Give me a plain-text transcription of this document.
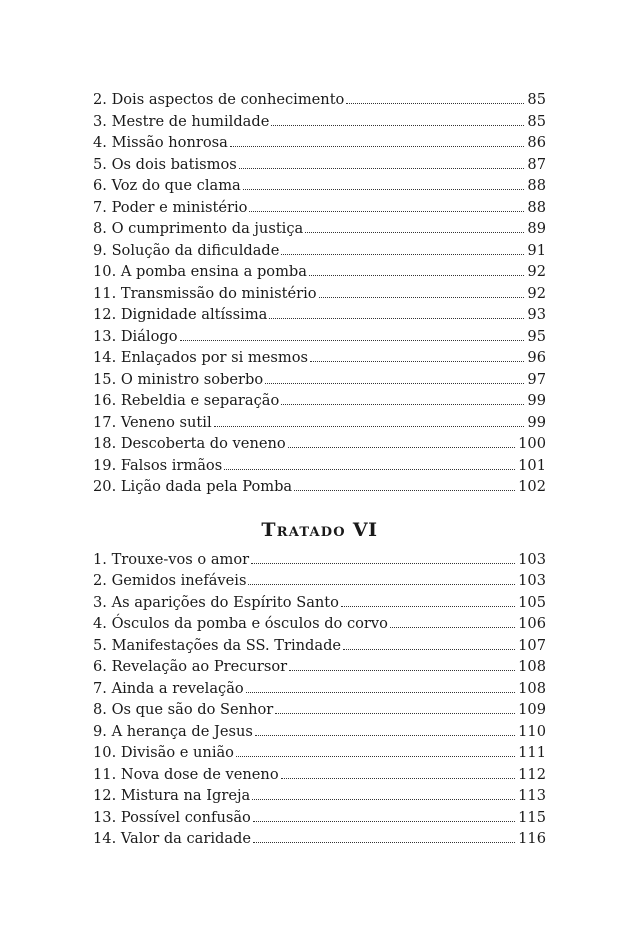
2. Dois aspectos de conhecimento	85
3. Mestre de humildade	85
4. Missão honrosa	86
5. Os dois batismos	87
6. Voz do que clama	88
7. Poder e ministério	88
8. O cumprimento da justiça	89
9. Solução da dificuldade	91
10. A pomba ensina a pomba	92
11. Transmissão do ministério	92
12. Dignidade altíssima	93
13. Diálogo	95
14. Enlaçados por si mesmos	96
15. O ministro soberbo	97
16. Rebeldia e separação	99
17. Veneno sutil	99
18. Descoberta do veneno	100
19. Falsos irmãos	101
20. Lição dada pela Pomba	102
Tratado VI
1. Trouxe-vos o amor	103
2. Gemidos inefáveis	103
3. As aparições do Espírito Santo	105
4. Ósculos da pomba e ósculos do corvo	106
5. Manifestações da SS. Trindade	107
6. Revelação ao Precursor	108
7. Ainda a revelação	108
8. Os que são do Senhor	109
9. A herança de Jesus	110
10. Divisão e união	111
11. Nova dose de veneno	112
12. Mistura na Igreja	113
13. Possível confusão	115
14. Valor da caridade	116
